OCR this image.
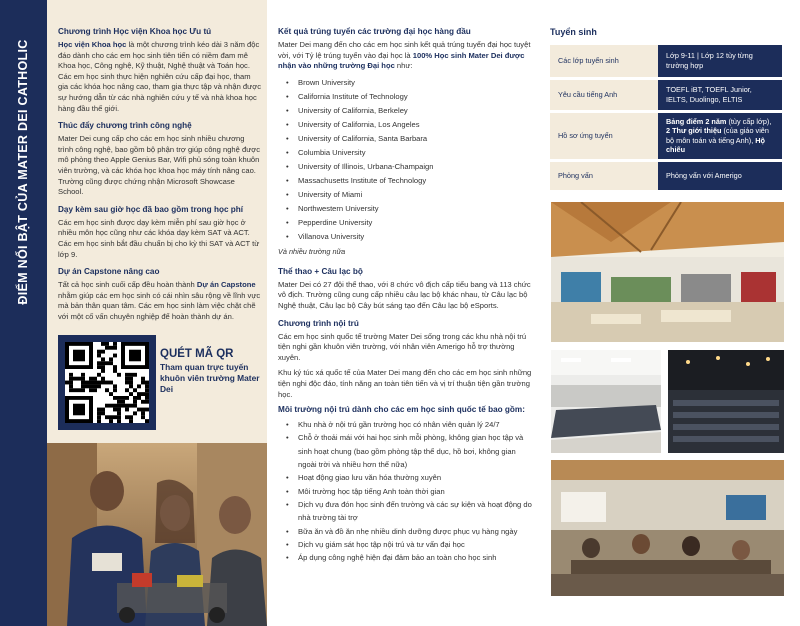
ĐIỂM NỔI BẬT CỦA MATER DEI CATHOLIC
Chương trình Học viện Khoa học Ưu tú

Học viện Khoa học là một chương trình kéo dài 3 năm độc đáo dành cho các em học sinh tiên tiến có niềm đam mê Khoa học, Công nghệ, Kỹ thuật, Nghệ thuật và Toán học. Các em học sinh thực hiện nghiên cứu cấp đại học, tham gia các khóa học nâng cao, tham gia thực tập và nhận được sự hướng dẫn từ các nhà nghiên cứu y tế và nhà khoa học hàng đầu thế giới.

Thúc đẩy chương trình công nghệ

Mater Dei cung cấp cho các em học sinh nhiều chương trình công nghệ, bao gồm bộ phận trợ giúp công nghệ được mô phỏng theo Apple Genius Bar, Wifi phủ sóng toàn khuôn viên trường, và các khóa học khoa học máy tính nâng cao. Trường cũng được chứng nhận Microsoft Showcase School.

Dạy kèm sau giờ học đã bao gồm trong học phí

Các em học sinh được dạy kèm miễn phí sau giờ học ở nhiều môn học cũng như các khóa dạy kèm SAT và ACT. Các em học sinh bắt đầu chuẩn bị cho kỳ thi SAT và ACT từ lớp 9.

Dự án Capstone nâng cao

Tất cả học sinh cuối cấp đều hoàn thành Dự án Capstone nhằm giúp các em học sinh có cái nhìn sâu rộng về lĩnh vực mà bản thân quan tâm. Các em học sinh làm việc chặt chẽ với một cố vấn chuyên nghiệp để hoàn thành dự án.

QUÉT MÃ QR
Tham quan trực tuyến khuôn viên trường Mater Dei
Kết quả trúng tuyển các trường đại học hàng đầu

Mater Dei mang đến cho các em học sinh kết quả trúng tuyển đại học tuyệt vời, với Tỷ lệ trúng tuyển vào đại học là 100% Học sinh Mater Dei được nhận vào những trường Đại học như:

• Brown University
• California Institute of Technology
• University of California, Berkeley
• University of California, Los Angeles
• University of California, Santa Barbara
• Columbia University
• University of Illinois, Urbana-Champaign
• Massachusetts Institute of Technology
• University of Miami
• Northwestern University
• Pepperdine University
• Villanova University
Và nhiều trường nữa
Thể thao + Câu lạc bộ

Mater Dei có 27 đội thể thao, với 8 chức vô địch cấp tiểu bang và 113 chức vô địch. Trường cũng cung cấp nhiều câu lạc bộ khác nhau, từ Câu lạc bộ Nghệ thuật, Câu lạc bộ Cây bút sáng tạo đến Câu lạc bộ eSports.

Chương trình nội trú

Các em học sinh quốc tế trường Mater Dei sống trong các khu nhà nội trú tiện nghi gần khuôn viên trường, với nhân viên Amerigo hỗ trợ thường xuyên.

Khu ký túc xá quốc tế của Mater Dei mang đến cho các em học sinh những tiện nghi độc đáo, tính năng an toàn tiên tiến và vị trí thuận tiện gần trường học.

Môi trường nội trú dành cho các em học sinh quốc tế bao gồm:
• Khu nhà ở nội trú gần trường học có nhân viên quản lý 24/7
• Chỗ ở thoải mái với hai học sinh mỗi phòng, không gian học tập và sinh hoạt chung (bao gồm phòng tập thể dục, hồ bơi, không gian ngoài trời và nhiều hơn thế nữa)
• Hoạt động giao lưu văn hóa thường xuyên
• Môi trường học tập tiếng Anh toàn thời gian
• Dịch vụ đưa đón học sinh đến trường và các sự kiện và hoạt động do nhà trường tài trợ
• Bữa ăn và đồ ăn nhẹ nhiều dinh dưỡng được phục vụ hàng ngày
• Dịch vụ giám sát học tập nội trú và tư vấn đại học
• Áp dụng công nghệ hiện đại đảm bảo an toàn cho học sinh
Tuyển sinh
Các lớp tuyển sinh	Lớp 9-11 | Lớp 12 tùy từng trường hợp
Yêu cầu tiếng Anh	TOEFL iBT, TOEFL Junior, IELTS, Duolingo, ELTIS
Hồ sơ ứng tuyển	Bảng điểm 2 năm (tùy cấp lớp), 2 Thư giới thiệu (của giáo viên bộ môn toán và tiếng Anh), Hộ chiếu
Phỏng vấn	Phỏng vấn với Amerigo
